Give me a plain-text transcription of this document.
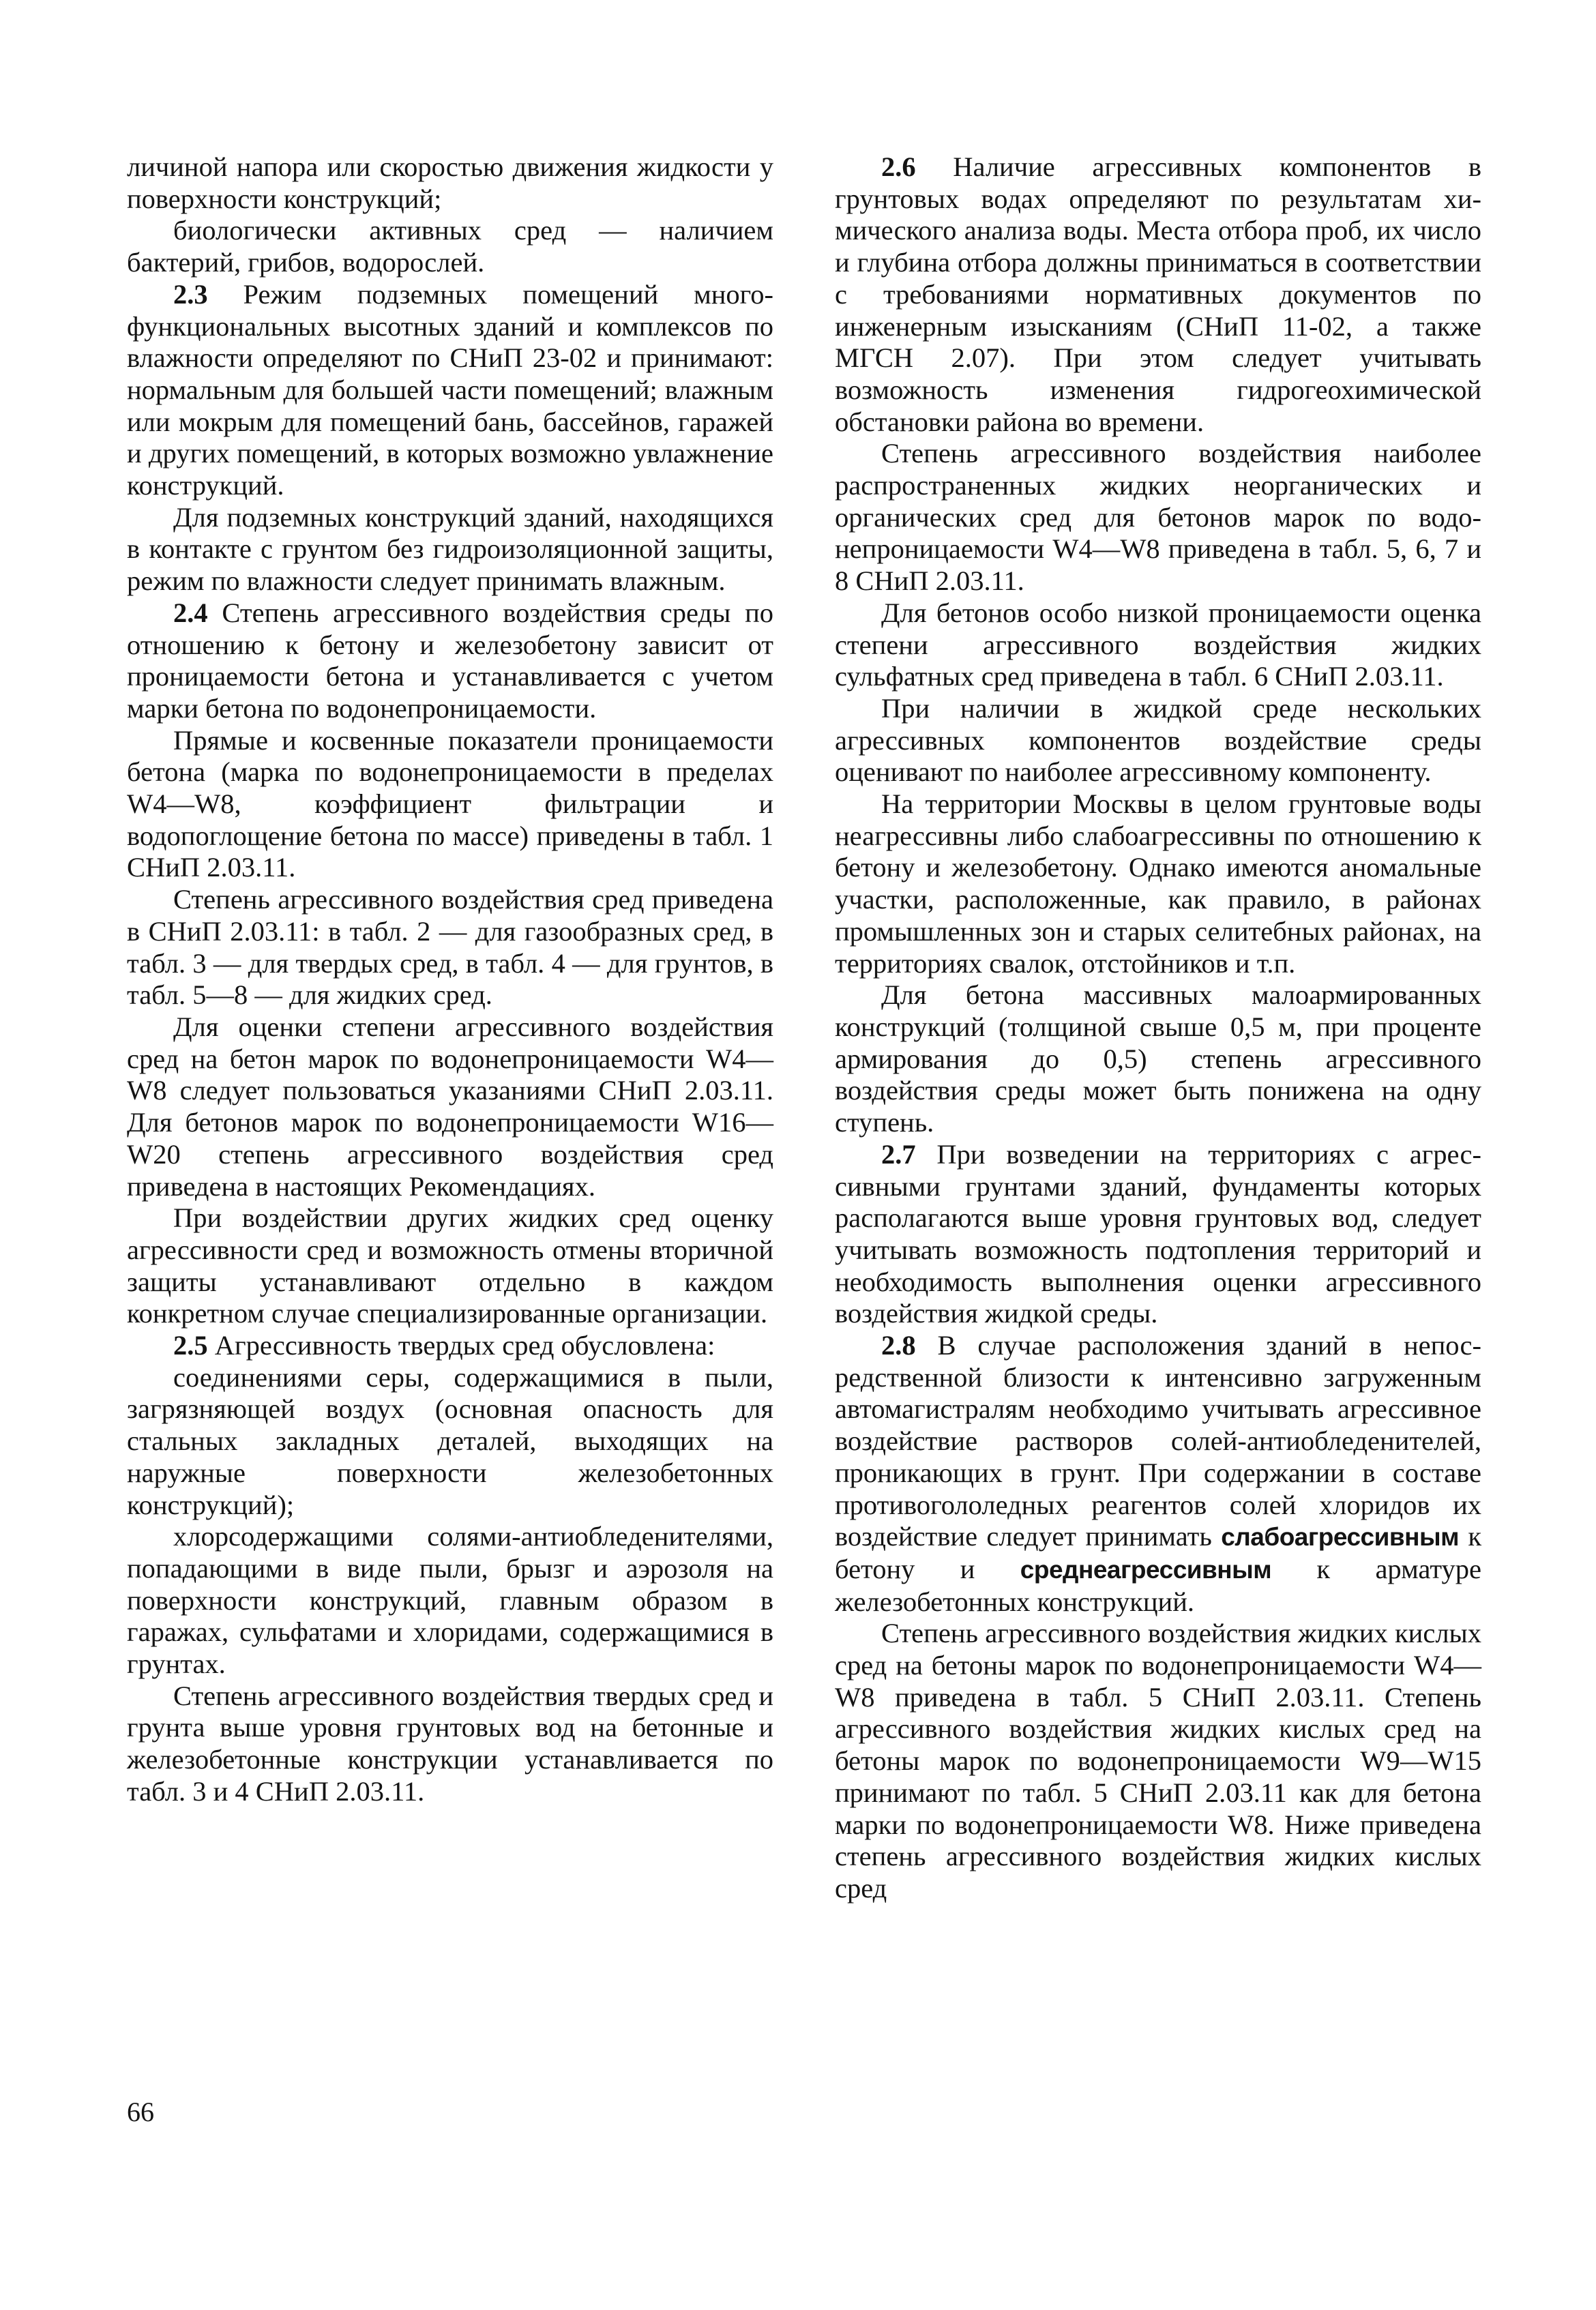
личиной напора или скоростью движения жидкости у поверхности конструкций;

биологически активных сред — наличием бактерий, грибов, водорослей.

2.3 Режим подземных помещений многофункциональных высотных зданий и комплексов по влажности определяют по СНиП 23-02 и принимают: нормальным для большей части помещений; влажным или мокрым для помещений бань, бассейнов, гаражей и других помещений, в которых возможно увлажнение конструкций.

Для подземных конструкций зданий, находящихся в контакте с грунтом без гидроизоляционной защиты, режим по влажности следует принимать влажным.

2.4 Степень агрессивного воздействия среды по отношению к бетону и железобетону зависит от проницаемости бетона и устанавливается с учетом марки бетона по водонепроницаемости.

Прямые и косвенные показатели проницаемости бетона (марка по водонепроницаемости в пределах W4—W8, коэффициент фильтрации и водопоглощение бетона по массе) приведены в табл. 1 СНиП 2.03.11.

Степень агрессивного воздействия сред приведена в СНиП 2.03.11: в табл. 2 — для газообразных сред, в табл. 3 — для твердых сред, в табл. 4 — для грунтов, в табл. 5—8 — для жидких сред.

Для оценки степени агрессивного воздействия сред на бетон марок по водонепроницаемости W4—W8 следует пользоваться указаниями СНиП 2.03.11. Для бетонов марок по водонепроницаемости W16—W20 степень агрессивного воздействия сред приведена в настоящих Рекомендациях.

При воздействии других жидких сред оценку агрессивности сред и возможность отмены вторичной защиты устанавливают отдельно в каждом конкретном случае специализированные организации.

2.5 Агрессивность твердых сред обусловлена:

соединениями серы, содержащимися в пыли, загрязняющей воздух (основная опасность для стальных закладных деталей, выходящих на наружные поверхности железобетонных конструкций);

хлорсодержащими солями-антиобледенителями, попадающими в виде пыли, брызг и аэрозоля на поверхности конструкций, главным образом в гаражах, сульфатами и хлоридами, содержащимися в грунтах.

Степень агрессивного воздействия твердых сред и грунта выше уровня грунтовых вод на бетонные и железобетонные конструкции устанавливается по табл. 3 и 4 СНиП 2.03.11.

2.6 Наличие агрессивных компонентов в грунтовых водах определяют по результатам химического анализа воды. Места отбора проб, их число и глубина отбора должны приниматься в соответствии с требованиями нормативных документов по инженерным изысканиям (СНиП 11-02, а также МГСН 2.07). При этом следует учитывать возможность изменения гидрогеохимической обстановки района во времени.

Степень агрессивного воздействия наиболее распространенных жидких неорганических и органических сред для бетонов марок по водонепроницаемости W4—W8 приведена в табл. 5, 6, 7 и 8 СНиП 2.03.11.

Для бетонов особо низкой проницаемости оценка степени агрессивного воздействия жидких сульфатных сред приведена в табл. 6 СНиП 2.03.11.

При наличии в жидкой среде нескольких агрессивных компонентов воздействие среды оценивают по наиболее агрессивному компоненту.

На территории Москвы в целом грунтовые воды неагрессивны либо слабоагрессивны по отношению к бетону и железобетону. Однако имеются аномальные участки, расположенные, как правило, в районах промышленных зон и старых селитебных районах, на территориях свалок, отстойников и т.п.

Для бетона массивных малоармированных конструкций (толщиной свыше 0,5 м, при проценте армирования до 0,5) степень агрессивного воздействия среды может быть понижена на одну ступень.

2.7 При возведении на территориях с агрессивными грунтами зданий, фундаменты которых располагаются выше уровня грунтовых вод, следует учитывать возможность подтопления территорий и необходимость выполнения оценки агрессивного воздействия жидкой среды.

2.8 В случае расположения зданий в непосредственной близости к интенсивно загруженным автомагистралям необходимо учитывать агрессивное воздействие растворов солей-антиобледенителей, проникающих в грунт. При содержании в составе противогололедных реагентов солей хлоридов их воздействие следует принимать слабоагрессивным к бетону и среднеагрессивным к арматуре железобетонных конструкций.

Степень агрессивного воздействия жидких кислых сред на бетоны марок по водонепроницаемости W4—W8 приведена в табл. 5 СНиП 2.03.11. Степень агрессивного воздействия жидких кислых сред на бетоны марок по водонепроницаемости W9—W15 принимают по табл. 5 СНиП 2.03.11 как для бетона марки по водонепроницаемости W8. Ниже приведена степень агрессивного воздействия жидких кислых сред

66
